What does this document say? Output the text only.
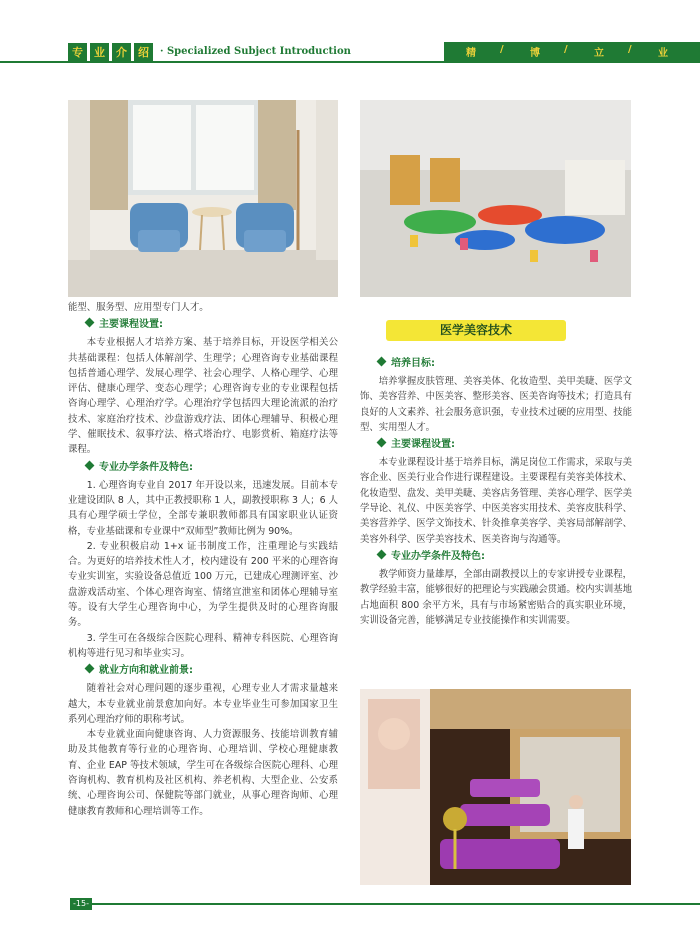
专	业	介	绍	· Specialized Subject Introduction	精 /	博 /	立 /	业
能型、服务型、应用型专门人才。
主要课程设置:
本专业根据人才培养方案、基于培养目标，开设医学相关公共基础课程：包括人体解剖学、生理学；心理咨询专业基础课程包括普通心理学、发展心理学、社会心理学、人格心理学、心理评估、健康心理学、变态心理学；心理咨询专业的专业课程包括咨询心理学、心理治疗学。心理治疗学包括四大理论流派的治疗技术、家庭治疗技术、沙盘游戏疗法、团体心理辅导、积极心理学、催眠技术、叙事疗法、格式塔治疗、电影赏析、箱庭疗法等课程。
专业办学条件及特色:
1. 心理咨询专业自 2017 年开设以来，迅速发展。目前本专业建设团队 8 人，其中正教授职称 1 人，副教授职称 3 人；6 人具有心理学硕士学位，全部专兼职教师都具有国家职业认证资格，专业基础课和专业课中“双师型”教师比例为 90%。
2. 专业积极启动 1+x 证书制度工作，注重理论与实践结合。为更好的培养技术性人才，校内建设有 200 平米的心理咨询专业实训室，实验设备总值近 100 万元，已建成心理测评室、沙盘游戏活动室、个体心理咨询室、情绪宣泄室和团体心理辅导室等。设有大学生心理咨询中心，为学生提供及时的心理咨询服务。
3. 学生可在各级综合医院心理科、精神专科医院、心理咨询机构等进行见习和毕业实习。
就业方向和就业前景:
随着社会对心理问题的逐步重视，心理专业人才需求量越来越大，本专业就业前景愈加向好。本专业毕业生可参加国家卫生系列心理治疗师的职称考试。
本专业就业面向健康咨询、人力资源服务、技能培训教育辅助及其他教育等行业的心理咨询、心理培训、学校心理健康教育、企业 EAP 等技术领域，学生可在各级综合医院心理科、心理咨询机构、教育机构及社区机构、养老机构、大型企业、公安系统、心理咨询公司、保健院等部门就业，从事心理咨询师、心理健康教育教师和心理培训等工作。
医学美容技术
培养目标:
培养掌握皮肤管理、美容美体、化妆造型、美甲美睫、医学文饰、美容营养、中医美容、整形美容、医美咨询等技术；打造具有良好的人文素养、社会服务意识强，专业技术过硬的应用型、技能型、实用型人才。
主要课程设置:
本专业课程设计基于培养目标，满足岗位工作需求，采取与美容企业、医美行业合作进行课程建设。主要课程有美容美体技术、化妆造型、盘发、美甲美睫、美容店务管理、美容心理学、医学美学导论、礼仪、中医美容学、中医美容实用技术、美容皮肤科学、美容营养学、医学文饰技术、针灸推拿美容学、美容局部解剖学、美容外科学、医学美容技术、医美咨询与沟通等。
专业办学条件及特色:
教学师资力量雄厚，全部由副教授以上的专家讲授专业课程，教学经验丰富，能够很好的把理论与实践融会贯通。校内实训基地占地面积 800 余平方米，具有与市场紧密贴合的真实职业环境，实训设备完善，能够满足专业技能操作和实训需要。
-15-
